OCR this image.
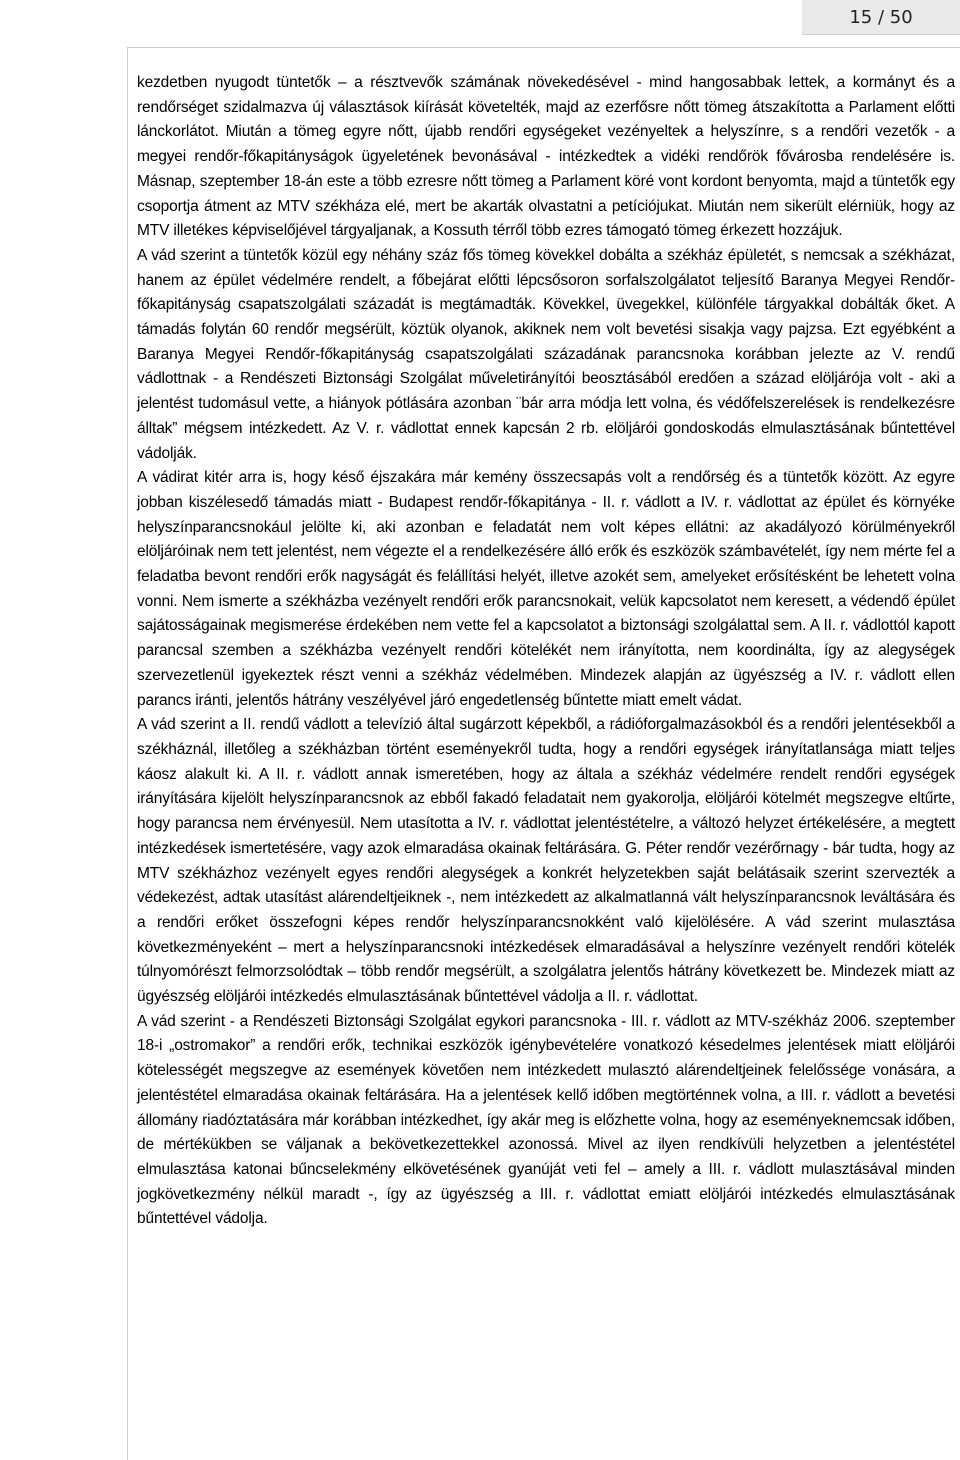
15 / 50

kezdetben nyugodt tüntetők – a résztvevők számának növekedésével - mind hangosabbak lettek, a kormányt és a rendőrséget szidalmazva új választások kiírását követelték, majd az ezerfősre nőtt tömeg átszakította a Parlament előtti lánckorlátot. Miután a tömeg egyre nőtt, újabb rendőri egységeket vezényeltek a helyszínre, s a rendőri vezetők - a megyei rendőr-főkapitányságok ügyeletének bevonásával - intézkedtek a vidéki rendőrök fővárosba rendelésére is. Másnap, szeptember 18-án este a több ezresre nőtt tömeg a Parlament köré vont kordont benyomta, majd a tüntetők egy csoportja átment az MTV székháza elé, mert be akarták olvastatni a petíciójukat. Miután nem sikerült elérniük, hogy az MTV illetékes képviselőjével tárgyaljanak, a Kossuth térről több ezres támogató tömeg érkezett hozzájuk.

A vád szerint a tüntetők közül egy néhány száz fős tömeg kövekkel dobálta a székház épületét, s nemcsak a székházat, hanem az épület védelmére rendelt, a főbejárat előtti lépcsősoron sorfalszolgálatot teljesítő Baranya Megyei Rendőr-főkapitányság csapatszolgálati századát is megtámadták. Kövekkel, üvegekkel, különféle tárgyakkal dobálták őket. A támadás folytán 60 rendőr megsérült, köztük olyanok, akiknek nem volt bevetési sisakja vagy pajzsa. Ezt egyébként a Baranya Megyei Rendőr-főkapitányság csapatszolgálati századának parancsnoka korábban jelezte az V. rendű vádlottnak - a Rendészeti Biztonsági Szolgálat műveletirányítói beosztásából eredően a század elöljárója volt - aki a jelentést tudomásul vette, a hiányok pótlására azonban ¨bár arra módja lett volna, és védőfelszerelések is rendelkezésre álltak” mégsem intézkedett. Az V. r. vádlottat ennek kapcsán 2 rb. elöljárói gondoskodás elmulasztásának bűntettével vádolják.

A vádirat kitér arra is, hogy késő éjszakára már kemény összecsapás volt a rendőrség és a tüntetők között. Az egyre jobban kiszélesedő támadás miatt - Budapest rendőr-főkapitánya - II. r. vádlott a IV. r. vádlottat az épület és környéke helyszínparancsnokául jelölte ki, aki azonban e feladatát nem volt képes ellátni: az akadályozó körülményekről elöljáróinak nem tett jelentést, nem végezte el a rendelkezésére álló erők és eszközök számbavételét, így nem mérte fel a feladatba bevont rendőri erők nagyságát és felállítási helyét, illetve azokét sem, amelyeket erősítésként be lehetett volna vonni. Nem ismerte a székházba vezényelt rendőri erők parancsnokait, velük kapcsolatot nem keresett, a védendő épület sajátosságainak megismerése érdekében nem vette fel a kapcsolatot a biztonsági szolgálattal sem. A II. r. vádlottól kapott parancsal szemben a székházba vezényelt rendőri kötelékét nem irányította, nem koordinálta, így az alegységek szervezetlenül igyekeztek részt venni a székház védelmében. Mindezek alapján az ügyészség a IV. r. vádlott ellen parancs iránti, jelentős hátrány veszélyével járó engedetlenség bűntette miatt emelt vádat.

A vád szerint a II. rendű vádlott a televízió által sugárzott képekből, a rádióforgalmazásokból és a rendőri jelentésekből a székháznál, illetőleg a székházban történt eseményekről tudta, hogy a rendőri egységek irányítatlansága miatt teljes káosz alakult ki. A II. r. vádlott annak ismeretében, hogy az általa a székház védelmére rendelt rendőri egységek irányítására kijelölt helyszínparancsnok az ebből fakadó feladatait nem gyakorolja, elöljárói kötelmét megszegve eltűrte, hogy parancsa nem érvényesül. Nem utasította a IV. r. vádlottat jelentéstételre, a változó helyzet értékelésére, a megtett intézkedések ismertetésére, vagy azok elmaradása okainak feltárására. G. Péter rendőr vezérőrnagy - bár tudta, hogy az MTV székházhoz vezényelt egyes rendőri alegységek a konkrét helyzetekben saját belátásaik szerint szervezték a védekezést, adtak utasítást alárendeltjeiknek -, nem intézkedett az alkalmatlanná vált helyszínparancsnok leváltására és a rendőri erőket összefogni képes rendőr helyszínparancsnokként való kijelölésére. A vád szerint mulasztása következményeként – mert a helyszínparancsnoki intézkedések elmaradásával a helyszínre vezényelt rendőri kötelék túlnyomórészt felmorzsolódtak – több rendőr megsérült, a szolgálatra jelentős hátrány következett be. Mindezek miatt az ügyészség elöljárói intézkedés elmulasztásának bűntettével vádolja a II. r. vádlottat.

A vád szerint - a Rendészeti Biztonsági Szolgálat egykori parancsnoka - III. r. vádlott az MTV-székház 2006. szeptember 18-i „ostromakor” a rendőri erők, technikai eszközök igénybevételére vonatkozó késedelmes jelentések miatt elöljárói kötelességét megszegve az események követően nem intézkedett mulasztó alárendeltjeinek felelőssége vonására, a jelentéstétel elmaradása okainak feltárására. Ha a jelentések kellő időben megtörténnek volna, a III. r. vádlott a bevetési állomány riadóztatására már korábban intézkedhet, így akár meg is előzhette volna, hogy az eseményeknemcsak időben, de mértékükben se váljanak a bekövetkezettekkel azonossá. Mivel az ilyen rendkívüli helyzetben a jelentéstétel elmulasztása katonai bűncselekmény elkövetésének gyanúját veti fel – amely a III. r. vádlott mulasztásával minden jogkövetkezmény nélkül maradt -, így az ügyészség a III. r. vádlottat emiatt elöljárói intézkedés elmulasztásának bűntettével vádolja.
